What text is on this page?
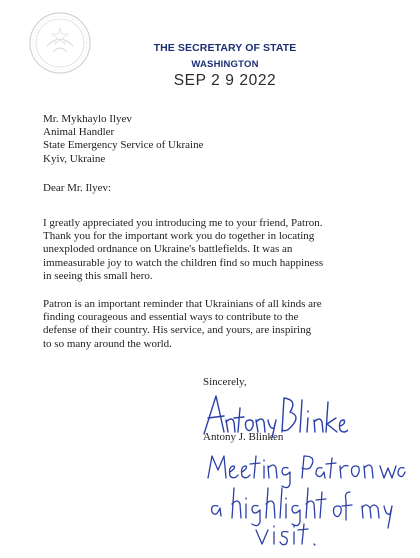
THE SECRETARY OF STATE
WASHINGTON
SEP 2 9 2022
Mr. Mykhaylo Ilyev
Animal Handler
State Emergency Service of Ukraine
Kyiv, Ukraine
Dear Mr. Ilyev:
I greatly appreciated you introducing me to your friend, Patron.
Thank you for the important work you do together in locating
unexploded ordnance on Ukraine's battlefields. It was an
immeasurable joy to watch the children find so much happiness
in seeing this small hero.
Patron is an important reminder that Ukrainians of all kinds are
finding courageous and essential ways to contribute to the
defense of their country. His service, and yours, are inspiring
to so many around the world.
Sincerely,
Antony J. Blinken
